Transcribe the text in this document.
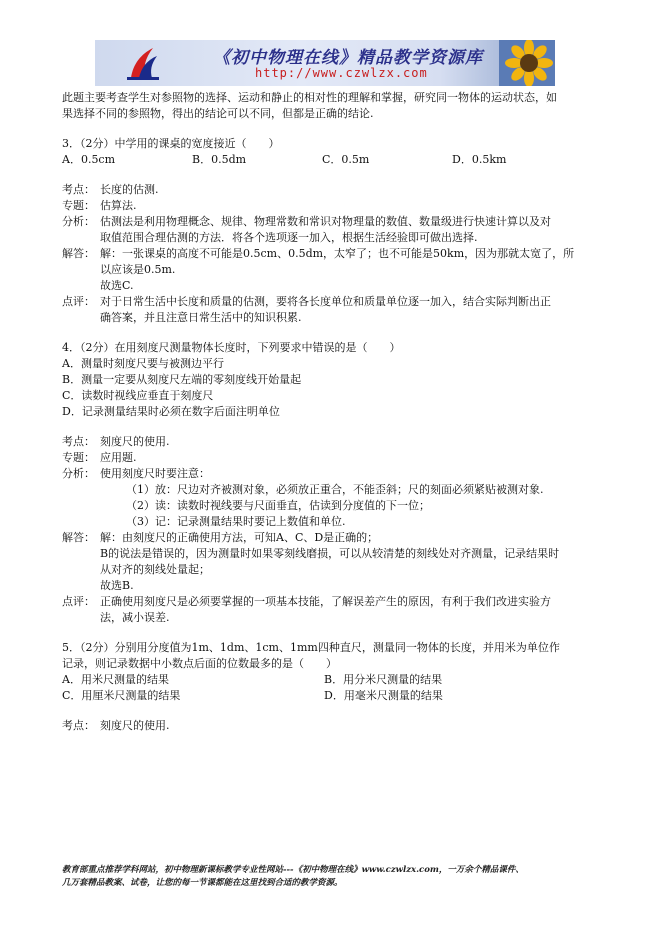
《初中物理在线》精品教学资源库
http://www.czwlzx.com

此题主要考查学生对参照物的选择、运动和静止的相对性的理解和掌握，研究同一物体的运动状态，如

果选择不同的参照物，得出的结论可以不同，但都是正确的结论.

3．（2分）中学用的课桌的宽度接近（　　）

A．0.5cm	B．0.5dm	C．0.5m	D．0.5km
考点： 长度的估测.
专题： 估算法.
分析： 估测法是利用物理概念、规律、物理常数和常识对物理量的数值、数量级进行快速计算以及对
取值范围合理估测的方法．将各个选项逐一加入，根据生活经验即可做出选择.
解答： 解：一张课桌的高度不可能是0.5cm、0.5dm，太窄了；也不可能是50km，因为那就太宽了，所
以应该是0.5m.
故选C.
点评： 对于日常生活中长度和质量的估测，要将各长度单位和质量单位逐一加入，结合实际判断出正
确答案，并且注意日常生活中的知识积累.

4．（2分）在用刻度尺测量物体长度时，下列要求中错误的是（　　）

A．测量时刻度尺要与被测边平行
B．测量一定要从刻度尺左端的零刻度线开始量起
C．读数时视线应垂直于刻度尺
D．记录测量结果时必须在数字后面注明单位
考点： 刻度尺的使用.
专题： 应用题.
分析： 使用刻度尺时要注意：
（1）放：尺边对齐被测对象，必须放正重合，不能歪斜；尺的刻面必须紧贴被测对象.
（2）读：读数时视线要与尺面垂直，估读到分度值的下一位；
（3）记：记录测量结果时要记上数值和单位.
解答： 解：由刻度尺的正确使用方法，可知A、C、D是正确的；
B的说法是错误的，因为测量时如果零刻线磨损，可以从较清楚的刻线处对齐测量，记录结果时
从对齐的刻线处量起；
故选B.
点评： 正确使用刻度尺是必须要掌握的一项基本技能，了解误差产生的原因，有利于我们改进实验方
法，减小误差.

5．（2分）分别用分度值为1m、1dm、1cm、1mm四种直尺，测量同一物体的长度，并用米为单位作

记录，则记录数据中小数点后面的位数最多的是（　　）

A．用米尺测量的结果	B．用分米尺测量的结果
C．用厘米尺测量的结果	D．用毫米尺测量的结果
考点： 刻度尺的使用.
教育部重点推荐学科网站，初中物理新课标教学专业性网站---《初中物理在线》www.czwlzx.com，一万余个精品课件、
几万套精品教案、试卷，让您的每一节课都能在这里找到合适的教学资源。
